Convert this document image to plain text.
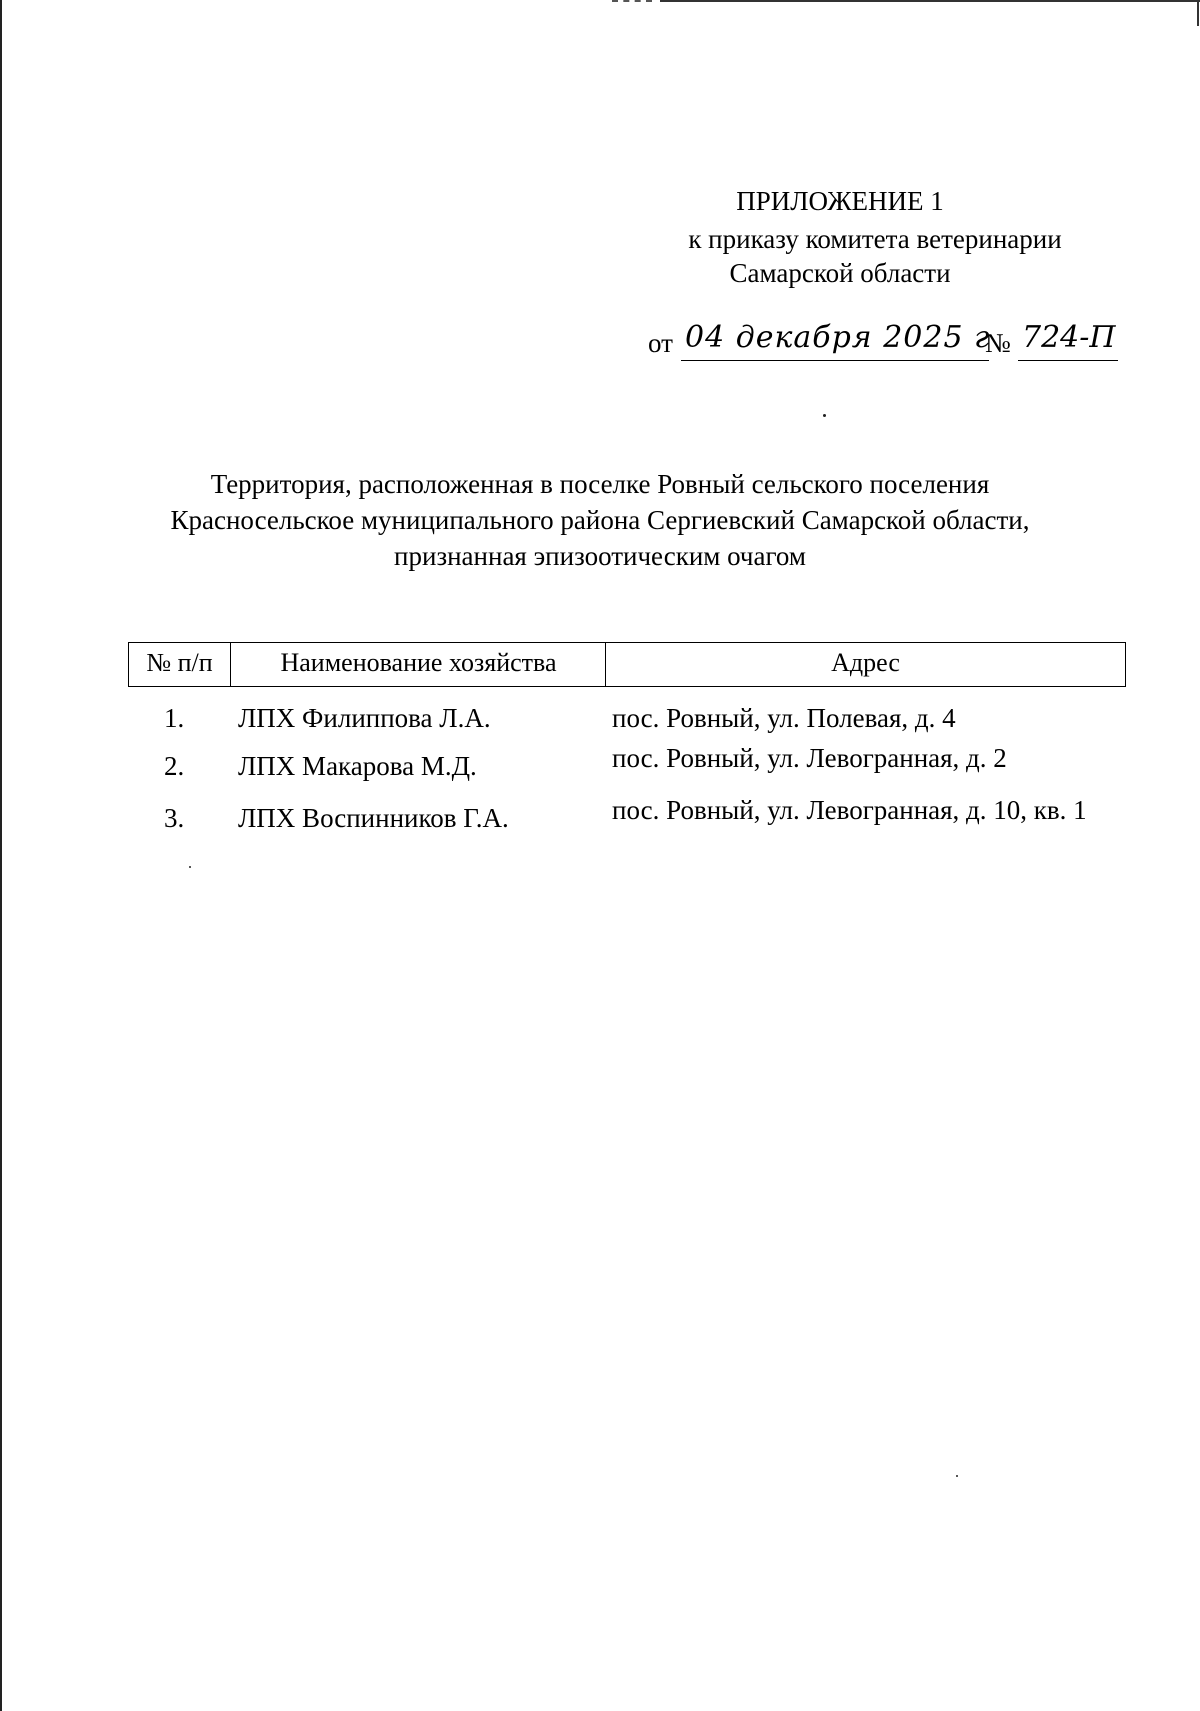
ПРИЛОЖЕНИЕ 1
к приказу комитета ветеринарии
Самарской области
от 04 декабря 2025 г
№ 724-П
Территория, расположенная в поселке Ровный сельского поселения
Красносельское муниципального района Сергиевский Самарской области,
признанная эпизоотическим очагом
№ п/п	Наименование хозяйства	Адрес
1.	ЛПХ Филиппова Л.А.	пос. Ровный, ул. Полевая, д. 4
2.	ЛПХ Макарова М.Д.	пос. Ровный, ул. Левогранная, д. 2
3.	ЛПХ Воспинников Г.А.	пос. Ровный, ул. Левогранная, д. 10, кв. 1
